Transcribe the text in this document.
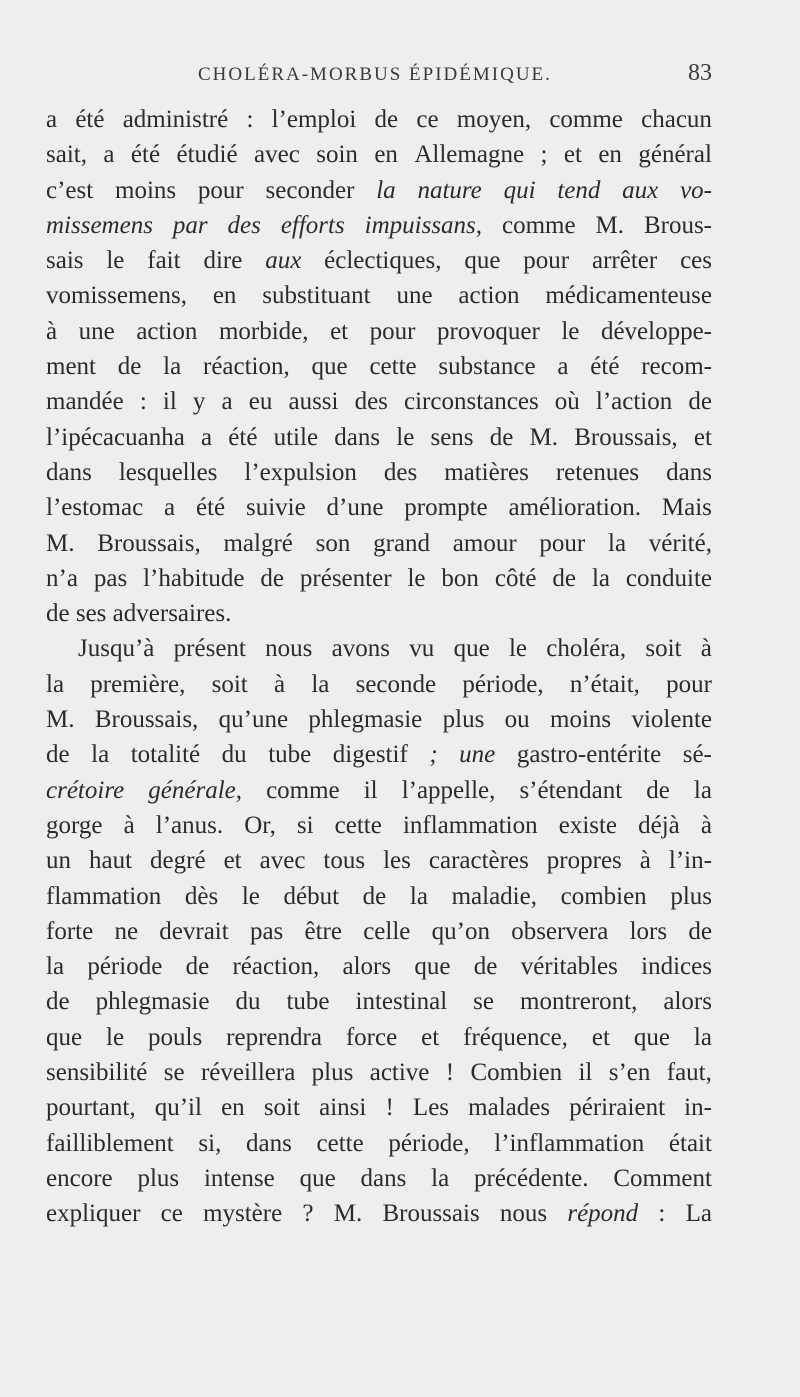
CHOLÉRA-MORBUS ÉPIDÉMIQUE.	83
a été administré : l’emploi de ce moyen, comme chacun
sait, a été étudié avec soin en Allemagne ; et en général
c’est moins pour seconder la nature qui tend aux vo-
missemens par des efforts impuissans, comme M. Brous-
sais le fait dire aux éclectiques, que pour arrêter ces
vomissemens, en substituant une action médicamenteuse
à une action morbide, et pour provoquer le développe-
ment de la réaction, que cette substance a été recom-
mandée : il y a eu aussi des circonstances où l’action de
l’ipécacuanha a été utile dans le sens de M. Broussais, et
dans lesquelles l’expulsion des matières retenues dans
l’estomac a été suivie d’une prompte amélioration. Mais
M. Broussais, malgré son grand amour pour la vérité,
n’a pas l’habitude de présenter le bon côté de la conduite
de ses adversaires.
Jusqu’à présent nous avons vu que le choléra, soit à
la première, soit à la seconde période, n’était, pour
M. Broussais, qu’une phlegmasie plus ou moins violente
de la totalité du tube digestif ; une gastro-entérite sé-
crétoire générale, comme il l’appelle, s’étendant de la
gorge à l’anus. Or, si cette inflammation existe déjà à
un haut degré et avec tous les caractères propres à l’in-
flammation dès le début de la maladie, combien plus
forte ne devrait pas être celle qu’on observera lors de
la période de réaction, alors que de véritables indices
de phlegmasie du tube intestinal se montreront, alors
que le pouls reprendra force et fréquence, et que la
sensibilité se réveillera plus active ! Combien il s’en faut,
pourtant, qu’il en soit ainsi ! Les malades périraient in-
failliblement si, dans cette période, l’inflammation était
encore plus intense que dans la précédente. Comment
expliquer ce mystère ? M. Broussais nous répond : La
